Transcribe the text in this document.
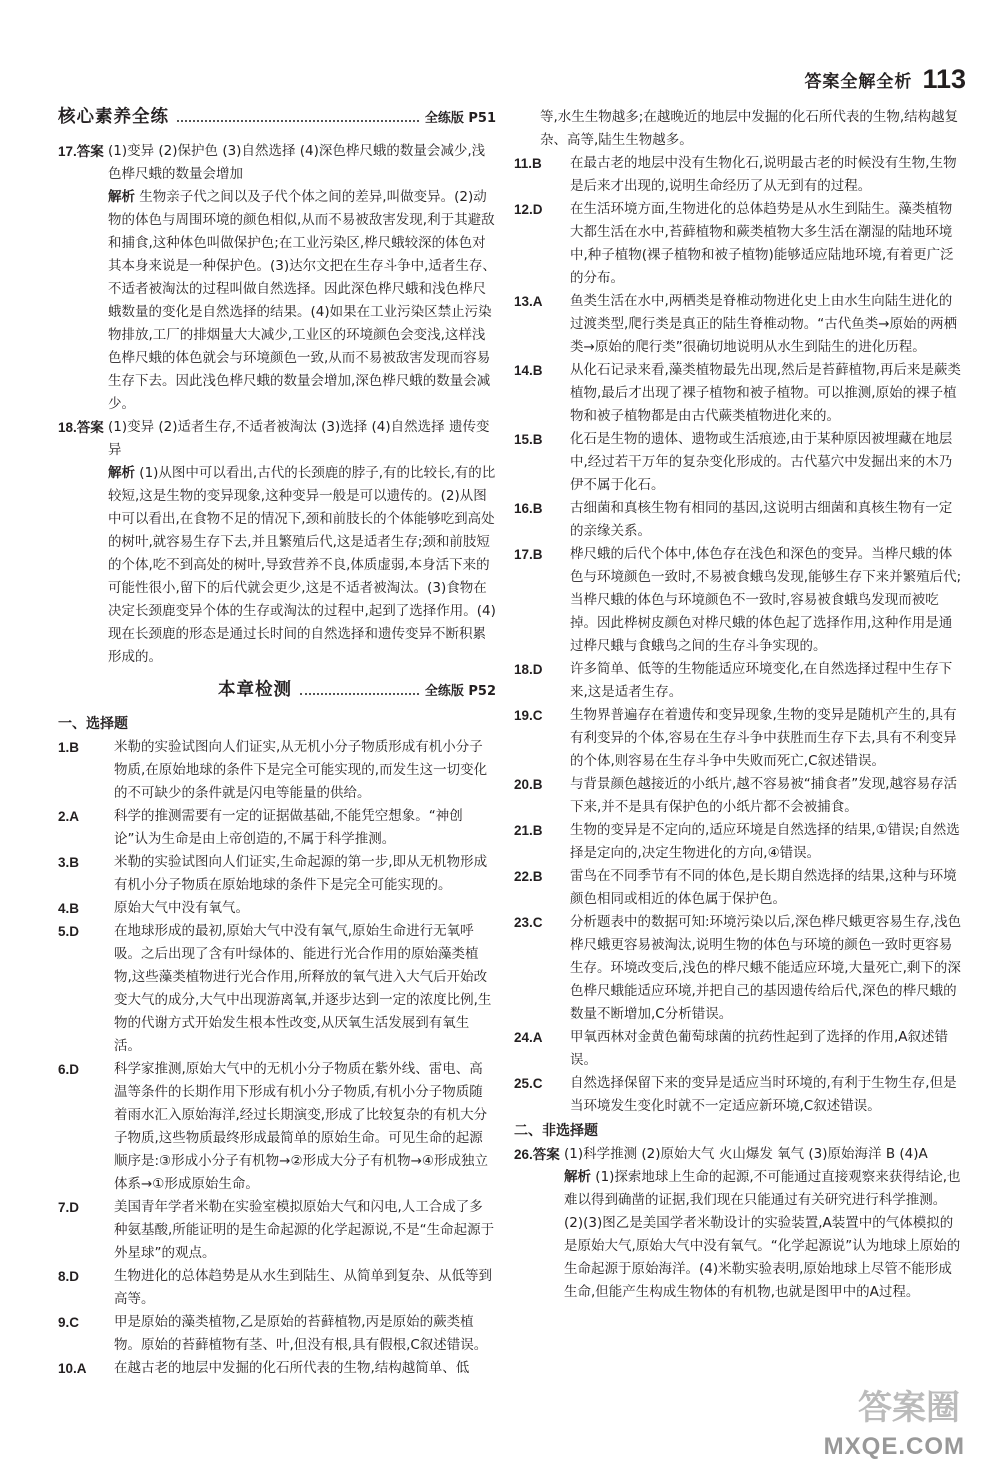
答案全解全析 113
核心素养全练	全练版 P51
17.答案 (1)变异 (2)保护色 (3)自然选择 (4)深色桦尺蛾的数量会减少,浅色桦尺蛾的数量会增加

解析 生物亲子代之间以及子代个体之间的差异,叫做变异。(2)动物的体色与周围环境的颜色相似,从而不易被敌害发现,利于其避敌和捕食,这种体色叫做保护色;在工业污染区,桦尺蛾较深的体色对其本身来说是一种保护色。(3)达尔文把在生存斗争中,适者生存、不适者被淘汰的过程叫做自然选择。因此深色桦尺蛾和浅色桦尺蛾数量的变化是自然选择的结果。(4)如果在工业污染区禁止污染物排放,工厂的排烟量大大减少,工业区的环境颜色会变浅,这样浅色桦尺蛾的体色就会与环境颜色一致,从而不易被敌害发现而容易生存下去。因此浅色桦尺蛾的数量会增加,深色桦尺蛾的数量会减少。

18.答案 (1)变异 (2)适者生存,不适者被淘汰 (3)选择 (4)自然选择 遗传变异

解析 (1)从图中可以看出,古代的长颈鹿的脖子,有的比较长,有的比较短,这是生物的变异现象,这种变异一般是可以遗传的。(2)从图中可以看出,在食物不足的情况下,颈和前肢长的个体能够吃到高处的树叶,就容易生存下去,并且繁殖后代,这是适者生存;颈和前肢短的个体,吃不到高处的树叶,导致营养不良,体质虚弱,本身活下来的可能性很小,留下的后代就会更少,这是不适者被淘汰。(3)食物在决定长颈鹿变异个体的生存或淘汰的过程中,起到了选择作用。(4)现在长颈鹿的形态是通过长时间的自然选择和遗传变异不断积累形成的。

本章检测	全练版 P52
一、选择题
1.B	米勒的实验试图向人们证实,从无机小分子物质形成有机小分子物质,在原始地球的条件下是完全可能实现的,而发生这一切变化的不可缺少的条件就是闪电等能量的供给。

2.A	科学的推测需要有一定的证据做基础,不能凭空想象。“神创论”认为生命是由上帝创造的,不属于科学推测。

3.B	米勒的实验试图向人们证实,生命起源的第一步,即从无机物形成有机小分子物质在原始地球的条件下是完全可能实现的。

4.B	原始大气中没有氧气。

5.D	在地球形成的最初,原始大气中没有氧气,原始生命进行无氧呼吸。之后出现了含有叶绿体的、能进行光合作用的原始藻类植物,这些藻类植物进行光合作用,所释放的氧气进入大气后开始改变大气的成分,大气中出现游离氧,并逐步达到一定的浓度比例,生物的代谢方式开始发生根本性改变,从厌氧生活发展到有氧生活。

6.D	科学家推测,原始大气中的无机小分子物质在紫外线、雷电、高温等条件的长期作用下形成有机小分子物质,有机小分子物质随着雨水汇入原始海洋,经过长期演变,形成了比较复杂的有机大分子物质,这些物质最终形成最简单的原始生命。可见生命的起源顺序是:③形成小分子有机物→②形成大分子有机物→④形成独立体系→①形成原始生命。

7.D	美国青年学者米勒在实验室模拟原始大气和闪电,人工合成了多种氨基酸,所能证明的是生命起源的化学起源说,不是“生命起源于外星球”的观点。

8.D	生物进化的总体趋势是从水生到陆生、从简单到复杂、从低等到高等。

9.C	甲是原始的藻类植物,乙是原始的苔藓植物,丙是原始的蕨类植物。原始的苔藓植物有茎、叶,但没有根,具有假根,C叙述错误。

10.A	在越古老的地层中发掘的化石所代表的生物,结构越简单、低

等,水生生物越多;在越晚近的地层中发掘的化石所代表的生物,结构越复杂、高等,陆生生物越多。

11.B	在最古老的地层中没有生物化石,说明最古老的时候没有生物,生物是后来才出现的,说明生命经历了从无到有的过程。

12.D	在生活环境方面,生物进化的总体趋势是从水生到陆生。藻类植物大都生活在水中,苔藓植物和蕨类植物大多生活在潮湿的陆地环境中,种子植物(裸子植物和被子植物)能够适应陆地环境,有着更广泛的分布。

13.A	鱼类生活在水中,两栖类是脊椎动物进化史上由水生向陆生进化的过渡类型,爬行类是真正的陆生脊椎动物。“古代鱼类→原始的两栖类→原始的爬行类”很确切地说明从水生到陆生的进化历程。

14.B	从化石记录来看,藻类植物最先出现,然后是苔藓植物,再后来是蕨类植物,最后才出现了裸子植物和被子植物。可以推测,原始的裸子植物和被子植物都是由古代蕨类植物进化来的。

15.B	化石是生物的遗体、遗物或生活痕迹,由于某种原因被埋藏在地层中,经过若干万年的复杂变化形成的。古代墓穴中发掘出来的木乃伊不属于化石。

16.B	古细菌和真核生物有相同的基因,这说明古细菌和真核生物有一定的亲缘关系。

17.B	桦尺蛾的后代个体中,体色存在浅色和深色的变异。当桦尺蛾的体色与环境颜色一致时,不易被食蛾鸟发现,能够生存下来并繁殖后代;当桦尺蛾的体色与环境颜色不一致时,容易被食蛾鸟发现而被吃掉。因此桦树皮颜色对桦尺蛾的体色起了选择作用,这种作用是通过桦尺蛾与食蛾鸟之间的生存斗争实现的。

18.D	许多简单、低等的生物能适应环境变化,在自然选择过程中生存下来,这是适者生存。

19.C	生物界普遍存在着遗传和变异现象,生物的变异是随机产生的,具有有利变异的个体,容易在生存斗争中获胜而生存下去,具有不利变异的个体,则容易在生存斗争中失败而死亡,C叙述错误。

20.B	与背景颜色越接近的小纸片,越不容易被“捕食者”发现,越容易存活下来,并不是具有保护色的小纸片都不会被捕食。

21.B	生物的变异是不定向的,适应环境是自然选择的结果,①错误;自然选择是定向的,决定生物进化的方向,④错误。

22.B	雷鸟在不同季节有不同的体色,是长期自然选择的结果,这种与环境颜色相同或相近的体色属于保护色。

23.C	分析题表中的数据可知:环境污染以后,深色桦尺蛾更容易生存,浅色桦尺蛾更容易被淘汰,说明生物的体色与环境的颜色一致时更容易生存。环境改变后,浅色的桦尺蛾不能适应环境,大量死亡,剩下的深色桦尺蛾能适应环境,并把自己的基因遗传给后代,深色的桦尺蛾的数量不断增加,C分析错误。

24.A	甲氧西林对金黄色葡萄球菌的抗药性起到了选择的作用,A叙述错误。

25.C	自然选择保留下来的变异是适应当时环境的,有利于生物生存,但是当环境发生变化时就不一定适应新环境,C叙述错误。

二、非选择题
26.答案 (1)科学推测 (2)原始大气 火山爆发 氧气 (3)原始海洋 B (4)A

解析 (1)探索地球上生命的起源,不可能通过直接观察来获得结论,也难以得到确凿的证据,我们现在只能通过有关研究进行科学推测。(2)(3)图乙是美国学者米勒设计的实验装置,A装置中的气体模拟的是原始大气,原始大气中没有氧气。“化学起源说”认为地球上原始的生命起源于原始海洋。(4)米勒实验表明,原始地球上尽管不能形成生命,但能产生构成生物体的有机物,也就是图甲中的A过程。

答案圈
MXQE.COM
